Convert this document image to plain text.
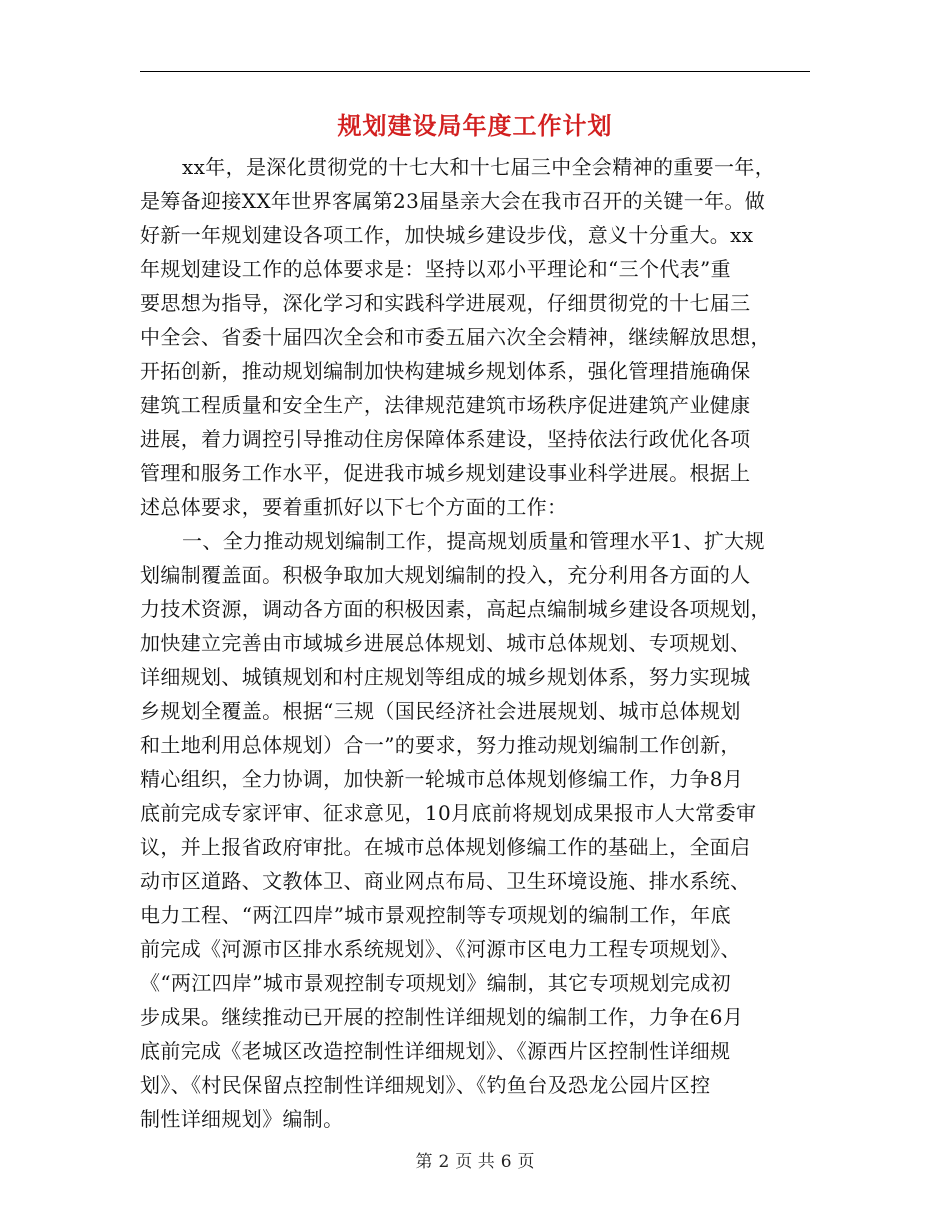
规划建设局年度工作计划
xx年，是深化贯彻党的十七大和十七届三中全会精神的重要一年，
是筹备迎接XX年世界客属第23届垦亲大会在我市召开的关键一年。做
好新一年规划建设各项工作，加快城乡建设步伐，意义十分重大。xx
年规划建设工作的总体要求是：坚持以邓小平理论和“三个代表”重
要思想为指导，深化学习和实践科学进展观，仔细贯彻党的十七届三
中全会、省委十届四次全会和市委五届六次全会精神，继续解放思想，
开拓创新，推动规划编制加快构建城乡规划体系，强化管理措施确保
建筑工程质量和安全生产，法律规范建筑市场秩序促进建筑产业健康
进展，着力调控引导推动住房保障体系建设，坚持依法行政优化各项
管理和服务工作水平，促进我市城乡规划建设事业科学进展。根据上
述总体要求，要着重抓好以下七个方面的工作：
一、全力推动规划编制工作，提高规划质量和管理水平1、扩大规
划编制覆盖面。积极争取加大规划编制的投入，充分利用各方面的人
力技术资源，调动各方面的积极因素，高起点编制城乡建设各项规划，
加快建立完善由市域城乡进展总体规划、城市总体规划、专项规划、
详细规划、城镇规划和村庄规划等组成的城乡规划体系，努力实现城
乡规划全覆盖。根据“三规（国民经济社会进展规划、城市总体规划
和土地利用总体规划）合一”的要求，努力推动规划编制工作创新，
精心组织，全力协调，加快新一轮城市总体规划修编工作，力争8月
底前完成专家评审、征求意见，10月底前将规划成果报市人大常委审
议，并上报省政府审批。在城市总体规划修编工作的基础上，全面启
动市区道路、文教体卫、商业网点布局、卫生环境设施、排水系统、
电力工程、“两江四岸”城市景观控制等专项规划的编制工作，年底
前完成《河源市区排水系统规划》、《河源市区电力工程专项规划》、
《“两江四岸”城市景观控制专项规划》编制，其它专项规划完成初
步成果。继续推动已开展的控制性详细规划的编制工作，力争在6月
底前完成《老城区改造控制性详细规划》、《源西片区控制性详细规
划》、《村民保留点控制性详细规划》、《钓鱼台及恐龙公园片区控
制性详细规划》编制。
第 2 页 共 6 页
